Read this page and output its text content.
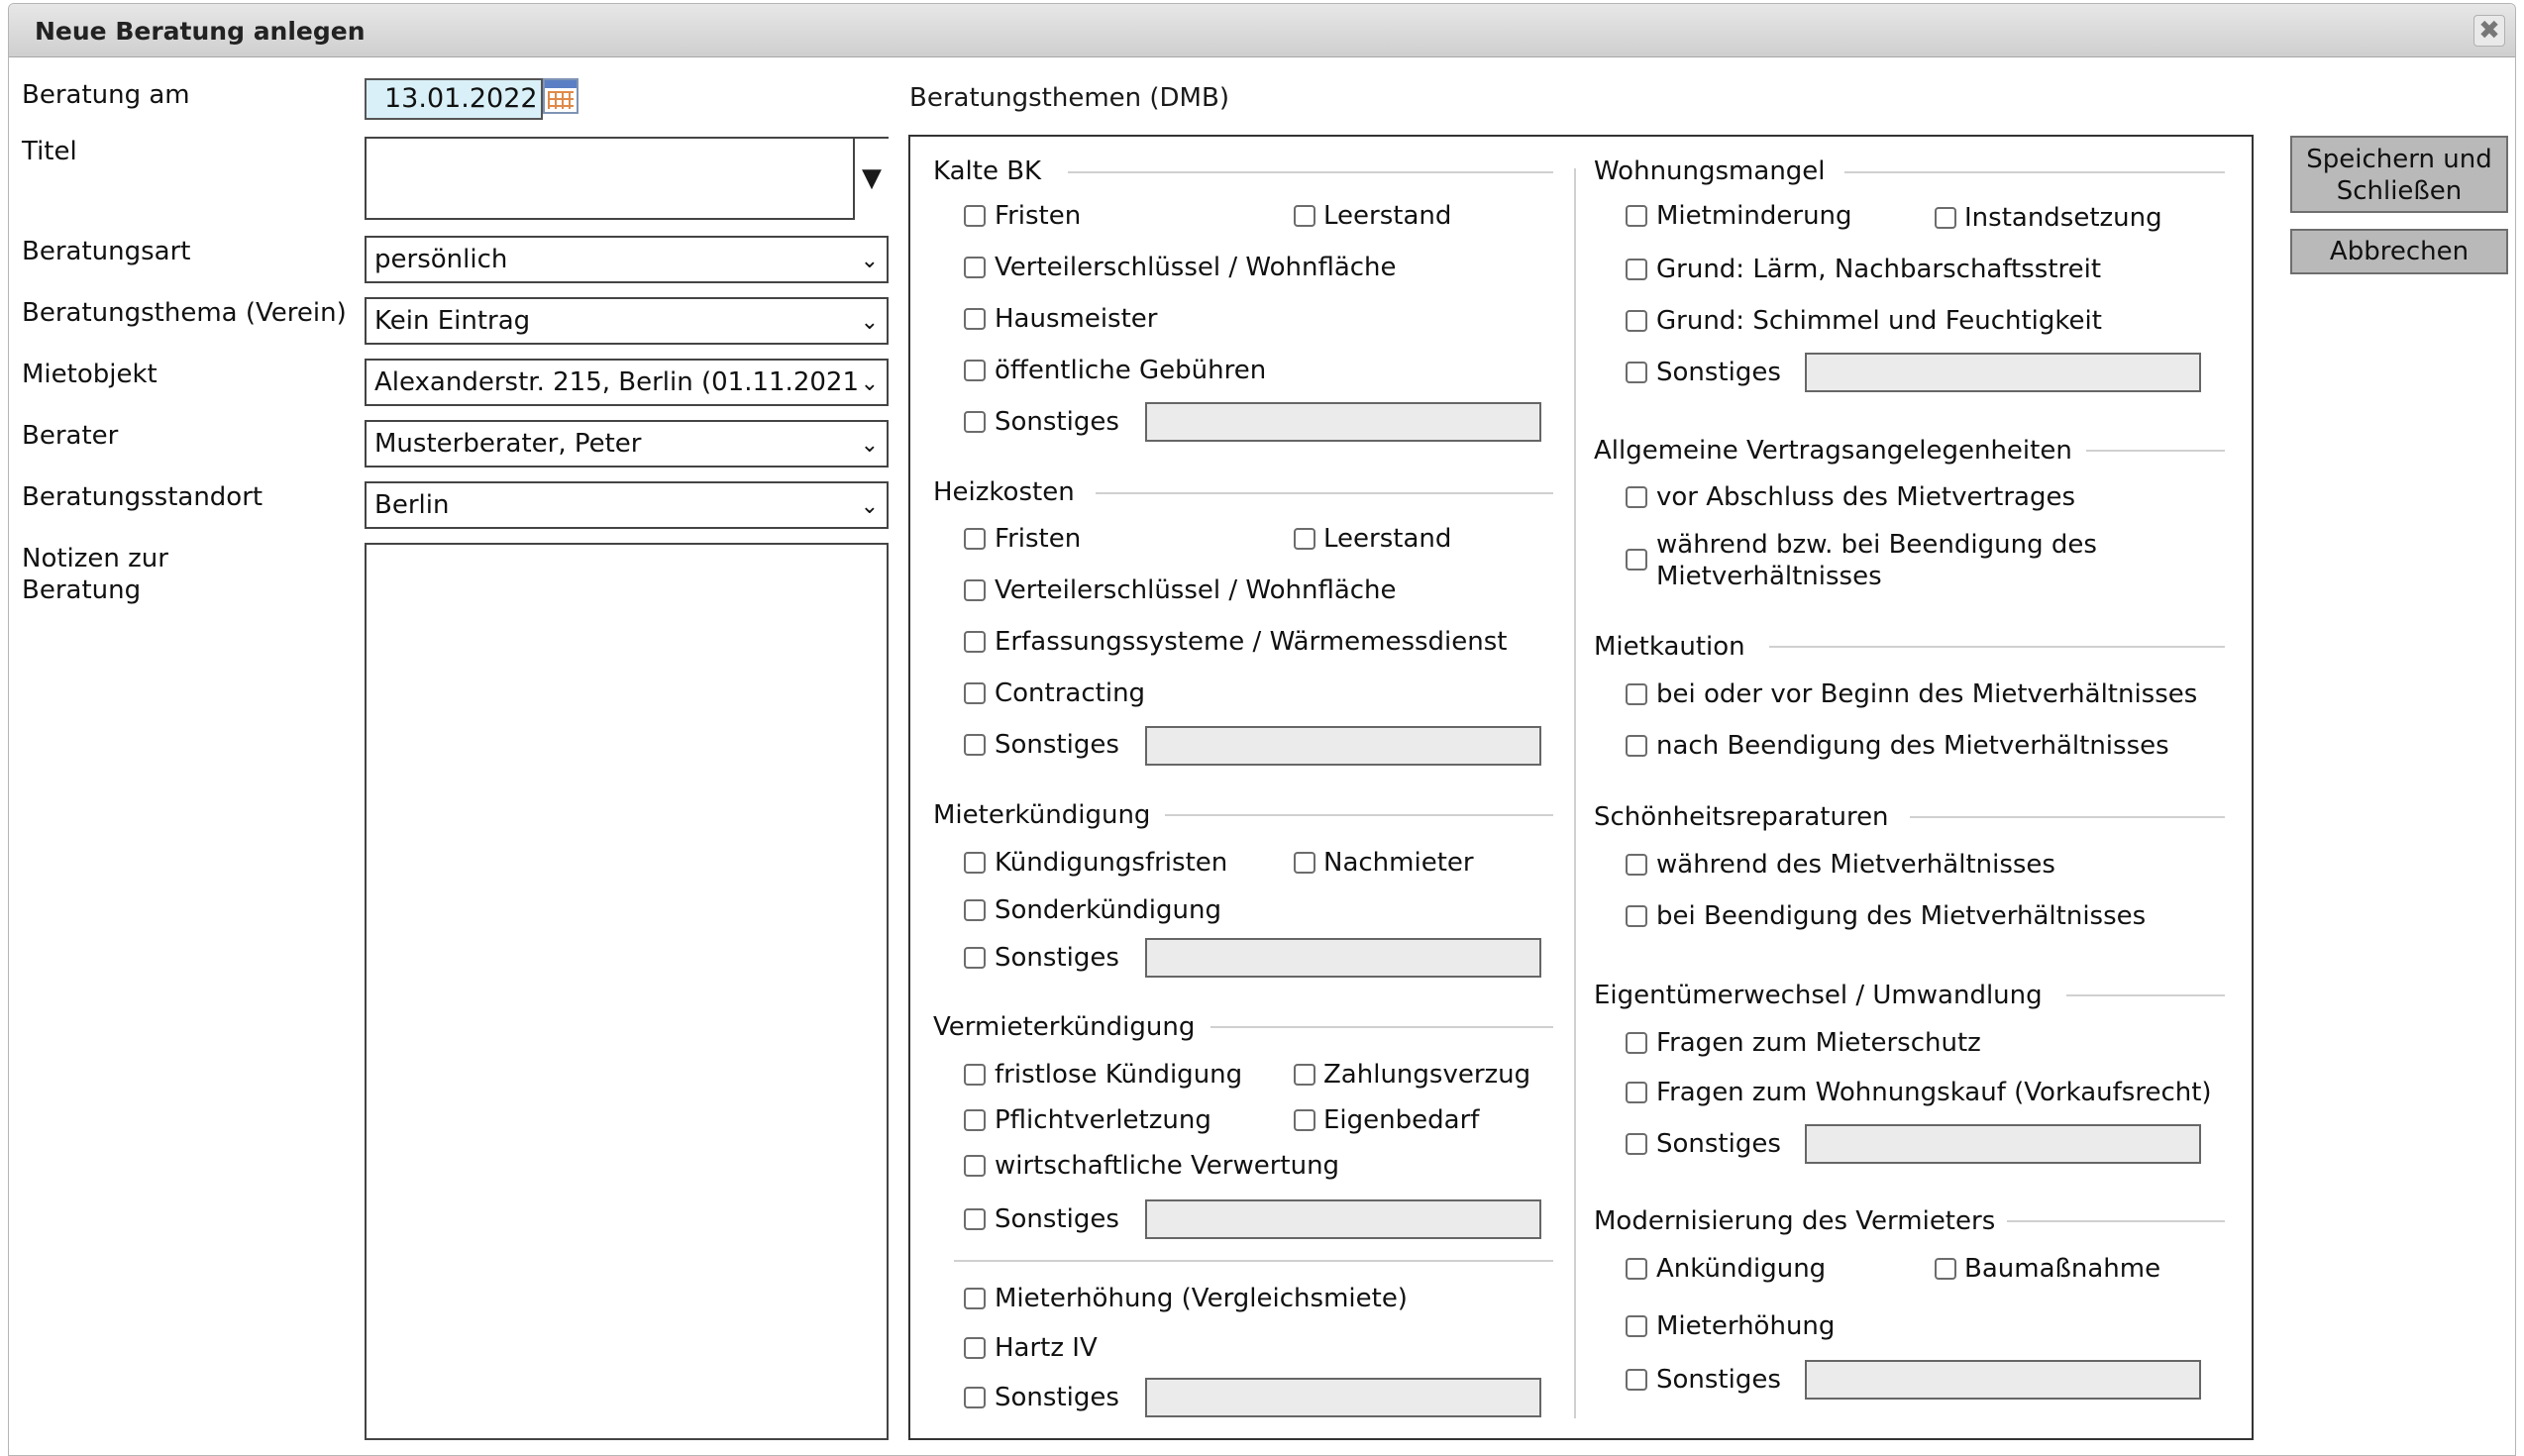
Neue Beratung anlegen	✖
Beratung am	13.01.2022
Titel
▼
Beratungsart	persönlich	⌄
Beratungsthema (Verein)	Kein Eintrag	⌄
Mietobjekt	Alexanderstr. 215, Berlin (01.11.2021 ⌄
Berater	Musterberater, Peter	⌄
Beratungsstandort	Berlin	⌄
Notizen zur
Beratung
Beratungsthemen (DMB)
Kalte BK
Fristen	Leerstand
Verteilerschlüssel / Wohnfläche
Hausmeister
öffentliche Gebühren
Sonstiges
Heizkosten
Fristen	Leerstand
Verteilerschlüssel / Wohnfläche
Erfassungssysteme / Wärmemessdienst
Contracting
Sonstiges
Mieterkündigung
Kündigungsfristen	Nachmieter
Sonderkündigung
Sonstiges
Vermieterkündigung
fristlose Kündigung	Zahlungsverzug
Pflichtverletzung	Eigenbedarf
wirtschaftliche Verwertung
Sonstiges
Mieterhöhung (Vergleichsmiete)
Hartz IV
Sonstiges
Wohnungsmangel
Mietminderung	Instandsetzung
Grund: Lärm, Nachbarschaftsstreit
Grund: Schimmel und Feuchtigkeit
Sonstiges
Allgemeine Vertragsangelegenheiten
vor Abschluss des Mietvertrages
während bzw. bei Beendigung des
Mietverhältnisses
Mietkaution
bei oder vor Beginn des Mietverhältnisses
nach Beendigung des Mietverhältnisses
Schönheitsreparaturen
während des Mietverhältnisses
bei Beendigung des Mietverhältnisses
Eigentümerwechsel / Umwandlung
Fragen zum Mieterschutz
Fragen zum Wohnungskauf (Vorkaufsrecht)
Sonstiges
Modernisierung des Vermieters
Ankündigung	Baumaßnahme
Mieterhöhung
Sonstiges
Speichern und
Schließen
Abbrechen
